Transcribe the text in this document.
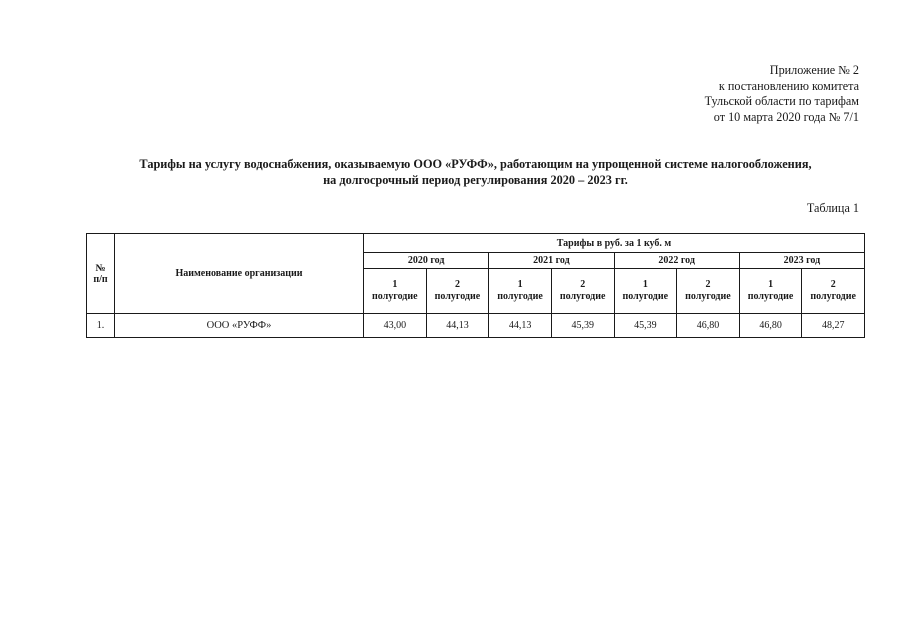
Приложение № 2
к постановлению комитета
Тульской области по тарифам
от 10 марта 2020 года № 7/1
Тарифы на услугу водоснабжения, оказываемую ООО «РУФФ», работающим на упрощенной системе налогообложения,
на долгосрочный период регулирования 2020 – 2023 гг.
Таблица 1
№
п/п	Наименование организации	Тарифы в руб. за 1 куб. м							
		2020 год		2021 год		2022 год		2023 год	
		1
полугодие	2
полугодие	1
полугодие	2
полугодие	1
полугодие	2
полугодие	1
полугодие	2
полугодие
1.	ООО «РУФФ»	43,00	44,13	44,13	45,39	45,39	46,80	46,80	48,27
